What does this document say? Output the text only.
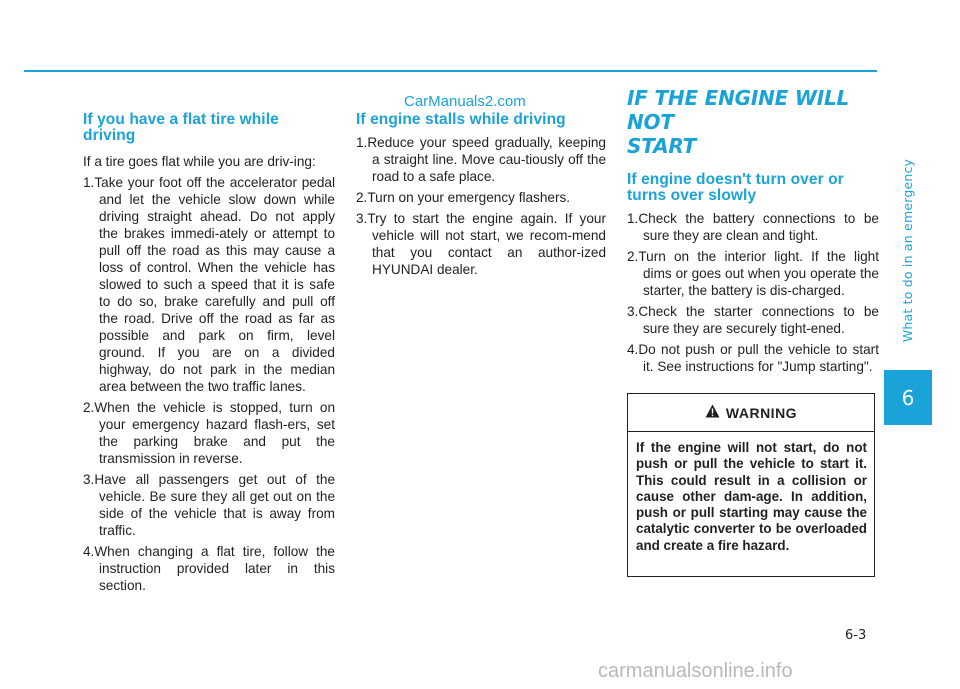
CarManuals2.com
If you have a flat tire while driving

If a tire goes flat while you are driv-ing:

1.Take your foot off the accelerator pedal and let the vehicle slow down while driving straight ahead. Do not apply the brakes immedi-ately or attempt to pull off the road as this may cause a loss of control. When the vehicle has slowed to such a speed that it is safe to do so, brake carefully and pull off the road. Drive off the road as far as possible and park on firm, level ground. If you are on a divided highway, do not park in the median area between the two traffic lanes.
2.When the vehicle is stopped, turn on your emergency hazard flash-ers, set the parking brake and put the transmission in reverse.
3.Have all passengers get out of the vehicle. Be sure they all get out on the side of the vehicle that is away from traffic.
4.When changing a flat tire, follow the instruction provided later in this section.
If engine stalls while driving
1.Reduce your speed gradually, keeping a straight line. Move cau-tiously off the road to a safe place.
2.Turn on your emergency flashers.
3.Try to start the engine again. If your vehicle will not start, we recom-mend that you contact an author-ized HYUNDAI dealer.
IF THE ENGINE WILL NOT
START
If engine doesn't turn over or turns over slowly
1.Check the battery connections to be sure they are clean and tight.
2.Turn on the interior light. If the light dims or goes out when you operate the starter, the battery is dis-charged.
3.Check the starter connections to be sure they are securely tight-ened.
4.Do not push or pull the vehicle to start it. See instructions for "Jump starting".
WARNING
If the engine will not start, do not push or pull the vehicle to start it. This could result in a collision or cause other dam-age. In addition, push or pull starting may cause the catalytic converter to be overloaded and create a fire hazard.
What to do in an emergency
6
6-3
carmanualsonline.info
